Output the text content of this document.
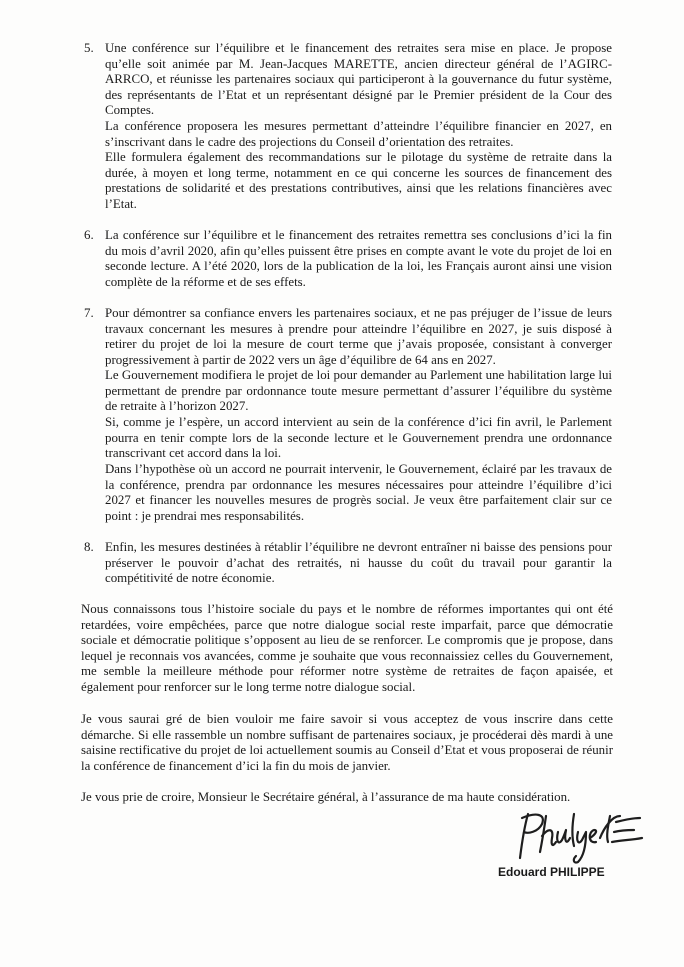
5. Une conférence sur l’équilibre et le financement des retraites sera mise en place. Je propose qu’elle soit animée par M. Jean-Jacques MARETTE, ancien directeur général de l’AGIRC-ARRCO, et réunisse les partenaires sociaux qui participeront à la gouvernance du futur système, des représentants de l’Etat et un représentant désigné par le Premier président de la Cour des Comptes.

La conférence proposera les mesures permettant d’atteindre l’équilibre financier en 2027, en s’inscrivant dans le cadre des projections du Conseil d’orientation des retraites.

Elle formulera également des recommandations sur le pilotage du système de retraite dans la durée, à moyen et long terme, notamment en ce qui concerne les sources de financement des prestations de solidarité et des prestations contributives, ainsi que les relations financières avec l’Etat.

6. La conférence sur l’équilibre et le financement des retraites remettra ses conclusions d’ici la fin du mois d’avril 2020, afin qu’elles puissent être prises en compte avant le vote du projet de loi en seconde lecture. A l’été 2020, lors de la publication de la loi, les Français auront ainsi une vision complète de la réforme et de ses effets.

7. Pour démontrer sa confiance envers les partenaires sociaux, et ne pas préjuger de l’issue de leurs travaux concernant les mesures à prendre pour atteindre l’équilibre en 2027, je suis disposé à retirer du projet de loi la mesure de court terme que j’avais proposée, consistant à converger progressivement à partir de 2022 vers un âge d’équilibre de 64 ans en 2027.

Le Gouvernement modifiera le projet de loi pour demander au Parlement une habilitation large lui permettant de prendre par ordonnance toute mesure permettant d’assurer l’équilibre du système de retraite à l’horizon 2027.

Si, comme je l’espère, un accord intervient au sein de la conférence d’ici fin avril, le Parlement pourra en tenir compte lors de la seconde lecture et le Gouvernement prendra une ordonnance transcrivant cet accord dans la loi.

Dans l’hypothèse où un accord ne pourrait intervenir, le Gouvernement, éclairé par les travaux de la conférence, prendra par ordonnance les mesures nécessaires pour atteindre l’équilibre d’ici 2027 et financer les nouvelles mesures de progrès social. Je veux être parfaitement clair sur ce point : je prendrai mes responsabilités.

8. Enfin, les mesures destinées à rétablir l’équilibre ne devront entraîner ni baisse des pensions pour préserver le pouvoir d’achat des retraités, ni hausse du coût du travail pour garantir la compétitivité de notre économie.

Nous connaissons tous l’histoire sociale du pays et le nombre de réformes importantes qui ont été retardées, voire empêchées, parce que notre dialogue social reste imparfait, parce que démocratie sociale et démocratie politique s’opposent au lieu de se renforcer. Le compromis que je propose, dans lequel je reconnais vos avancées, comme je souhaite que vous reconnaissiez celles du Gouvernement, me semble la meilleure méthode pour réformer notre système de retraites de façon apaisée, et également pour renforcer sur le long terme notre dialogue social.

Je vous saurai gré de bien vouloir me faire savoir si vous acceptez de vous inscrire dans cette démarche. Si elle rassemble un nombre suffisant de partenaires sociaux, je procéderai dès mardi à une saisine rectificative du projet de loi actuellement soumis au Conseil d’Etat et vous proposerai de réunir la conférence de financement d’ici la fin du mois de janvier.

Je vous prie de croire, Monsieur le Secrétaire général, à l’assurance de ma haute considération.

Edouard PHILIPPE
